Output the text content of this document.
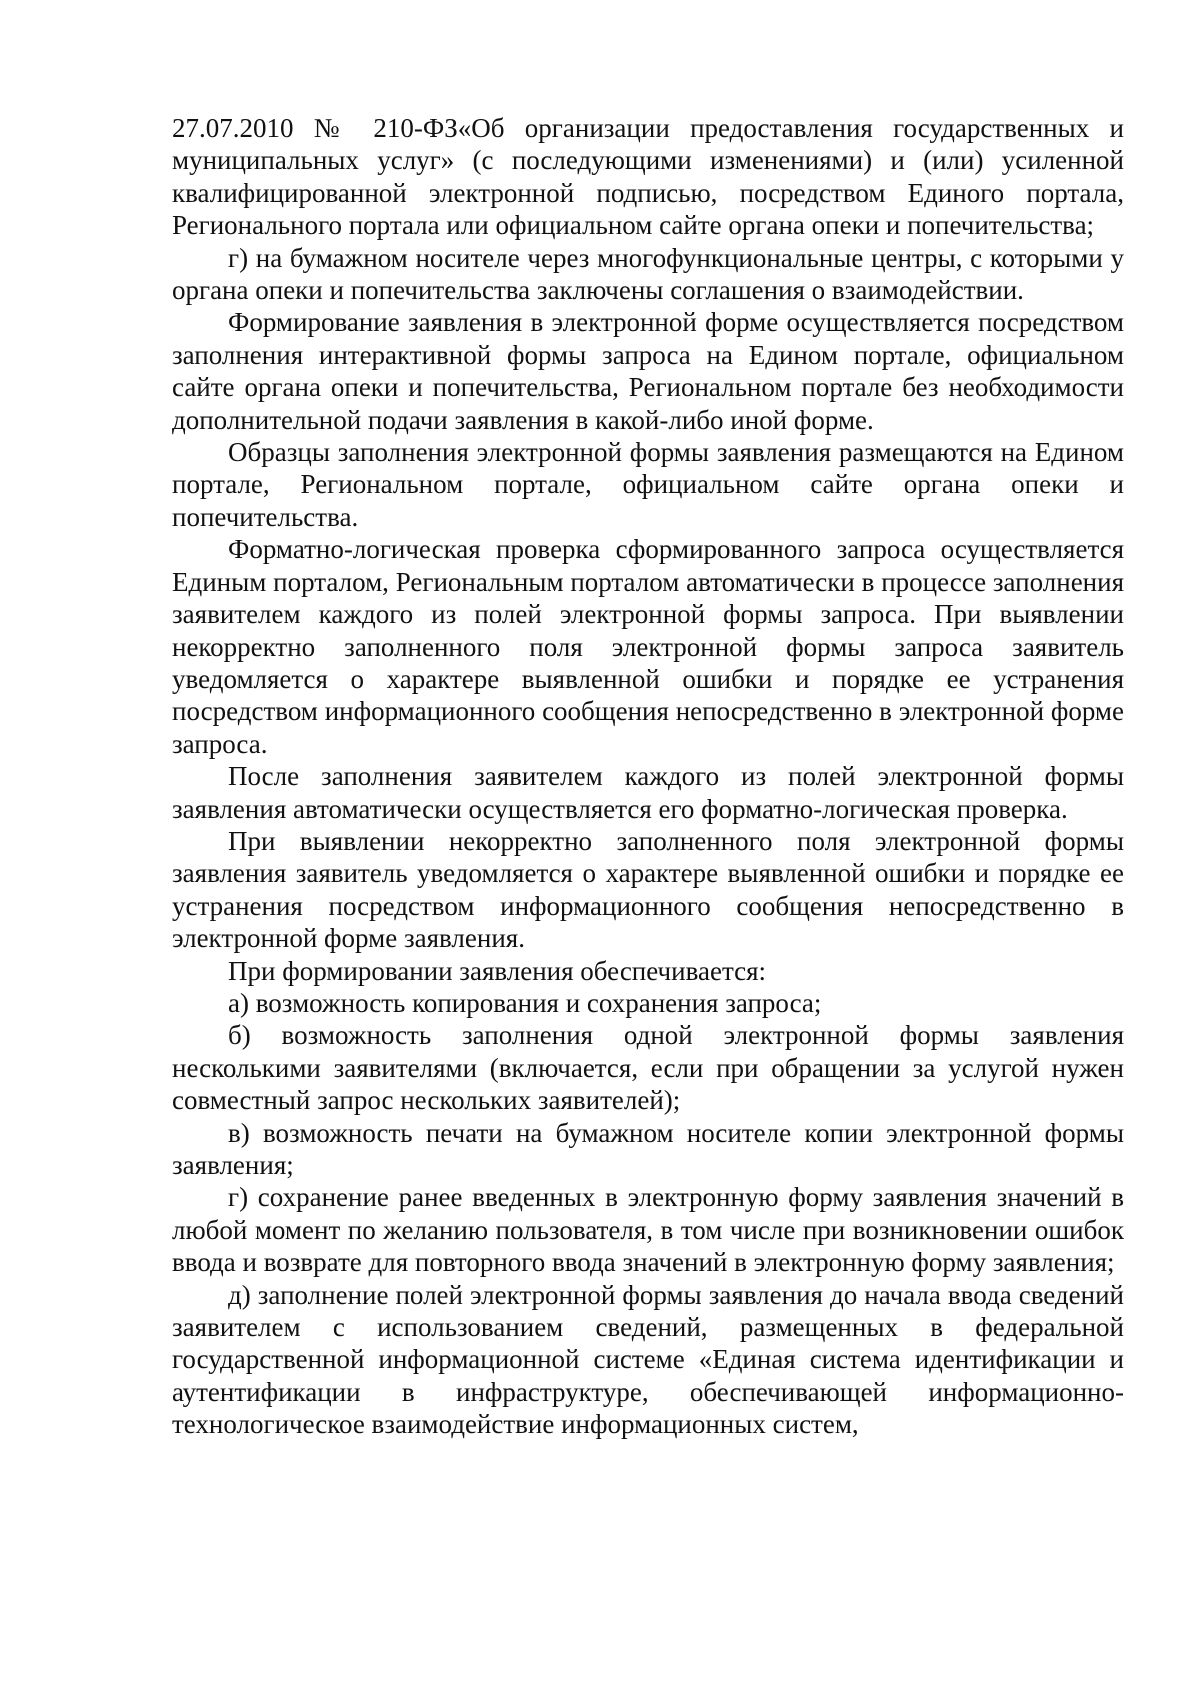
27.07.2010 № 210-ФЗ«Об организации предоставления государственных и муниципальных услуг» (с последующими изменениями) и (или) усиленной квалифицированной электронной подписью, посредством Единого портала, Регионального портала или официальном сайте органа опеки и попечительства;

г) на бумажном носителе через многофункциональные центры, с которыми у органа опеки и попечительства заключены соглашения о взаимодействии.

Формирование заявления в электронной форме осуществляется посредством заполнения интерактивной формы запроса на Едином портале, официальном сайте органа опеки и попечительства, Региональном портале без необходимости дополнительной подачи заявления в какой-либо иной форме.

Образцы заполнения электронной формы заявления размещаются на Едином портале, Региональном портале, официальном сайте органа опеки и попечительства.

Форматно-логическая проверка сформированного запроса осуществляется Единым порталом, Региональным порталом автоматически в процессе заполнения заявителем каждого из полей электронной формы запроса. При выявлении некорректно заполненного поля электронной формы запроса заявитель уведомляется о характере выявленной ошибки и порядке ее устранения посредством информационного сообщения непосредственно в электронной форме запроса.

После заполнения заявителем каждого из полей электронной формы заявления автоматически осуществляется его форматно-логическая проверка.

При выявлении некорректно заполненного поля электронной формы заявления заявитель уведомляется о характере выявленной ошибки и порядке ее устранения посредством информационного сообщения непосредственно в электронной форме заявления.

При формировании заявления обеспечивается:

а) возможность копирования и сохранения запроса;

б) возможность заполнения одной электронной формы заявления несколькими заявителями (включается, если при обращении за услугой нужен совместный запрос нескольких заявителей);

в) возможность печати на бумажном носителе копии электронной формы заявления;

г) сохранение ранее введенных в электронную форму заявления значений в любой момент по желанию пользователя, в том числе при возникновении ошибок ввода и возврате для повторного ввода значений в электронную форму заявления;

д) заполнение полей электронной формы заявления до начала ввода сведений заявителем с использованием сведений, размещенных в федеральной государственной информационной системе «Единая система идентификации и аутентификации в инфраструктуре, обеспечивающей информационно-технологическое взаимодействие информационных систем,
